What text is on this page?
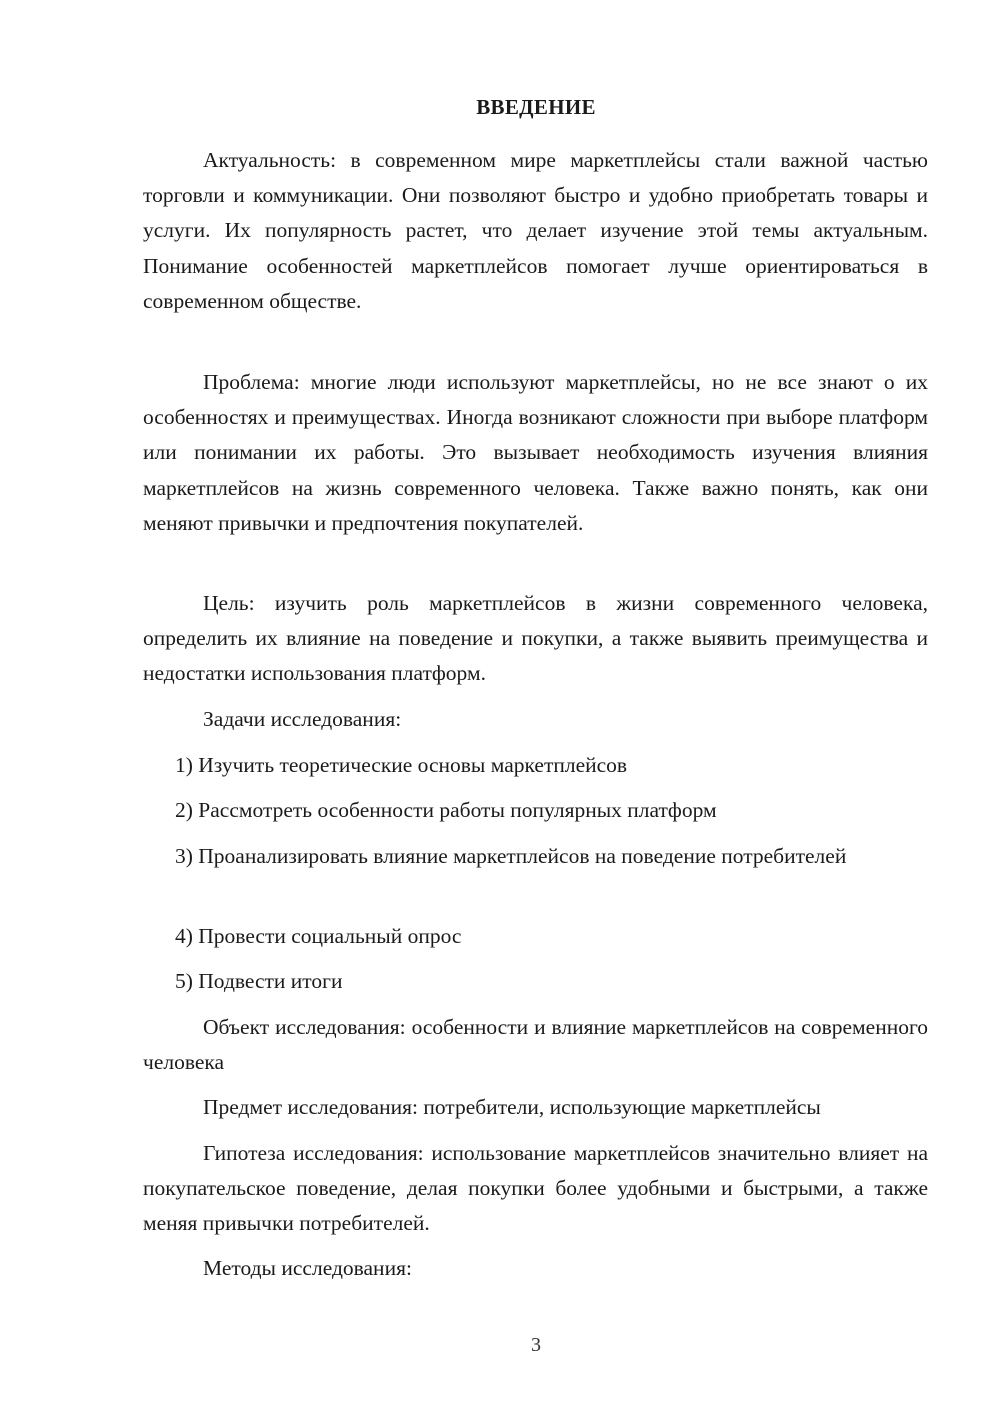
ВВЕДЕНИЕ

Актуальность: в современном мире маркетплейсы стали важной частью торговли и коммуникации. Они позволяют быстро и удобно приобретать товары и услуги. Их популярность растет, что делает изучение этой темы актуальным. Понимание особенностей маркетплейсов помогает лучше ориентироваться в современном обществе.

Проблема: многие люди используют маркетплейсы, но не все знают о их особенностях и преимуществах. Иногда возникают сложности при выборе платформ или понимании их работы. Это вызывает необходимость изучения влияния маркетплейсов на жизнь современного человека. Также важно понять, как они меняют привычки и предпочтения покупателей.

Цель: изучить роль маркетплейсов в жизни современного человека, определить их влияние на поведение и покупки, а также выявить преимущества и недостатки использования платформ.

Задачи исследования:

1) Изучить теоретические основы маркетплейсов

2) Рассмотреть особенности работы популярных платформ

3) Проанализировать влияние маркетплейсов на поведение потребителей

4) Провести социальный опрос

5) Подвести итоги

Объект исследования: особенности и влияние маркетплейсов на современного человека

Предмет исследования: потребители, использующие маркетплейсы

Гипотеза исследования: использование маркетплейсов значительно влияет на покупательское поведение, делая покупки более удобными и быстрыми, а также меняя привычки потребителей.

Методы исследования:

3
